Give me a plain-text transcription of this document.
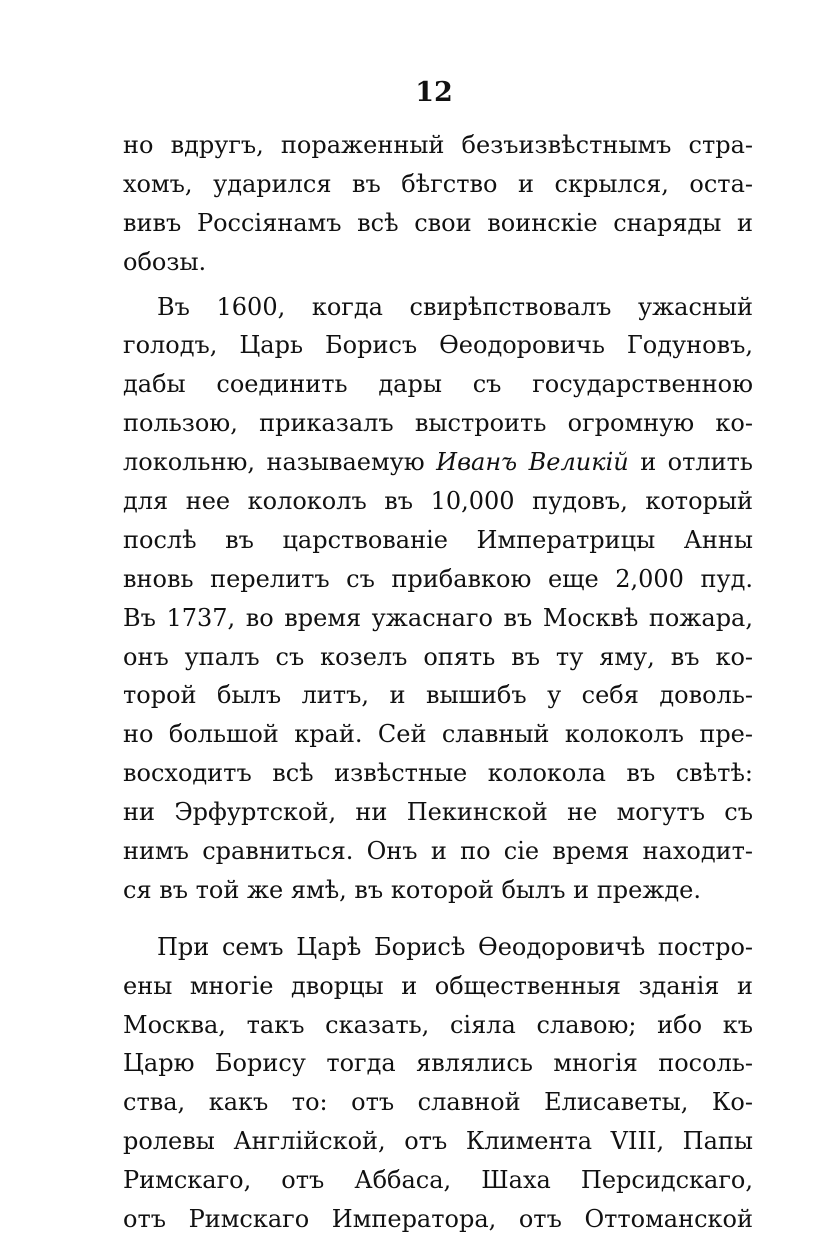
12
но вдругъ, пораженный безъизвѣстнымъ стра-
хомъ, ударился въ бѣгство и скрылся, оста-
вивъ Россіянамъ всѣ свои воинскіе снаряды и
обозы.
Въ 1600, когда свирѣпствовалъ ужасный
голодъ, Царь Борисъ Ѳеодоровичь Годуновъ,
дабы соединить дары съ государственною
пользою, приказалъ выстроить огромную ко-
локольню, называемую Иванъ Великій и отлить
для нее колоколъ въ 10,000 пудовъ, который
послѣ въ царствованіе Императрицы Анны
вновь перелитъ съ прибавкою еще 2,000 пуд.
Въ 1737, во время ужаснаго въ Москвѣ пожара,
онъ упалъ съ козелъ опять въ ту яму, въ ко-
торой былъ литъ, и вышибъ у себя доволь-
но большой край. Сей славный колоколъ пре-
восходитъ всѣ извѣстные колокола въ свѣтѣ:
ни Эрфуртской, ни Пекинской не могутъ съ
нимъ сравниться. Онъ и по сіе время находит-
ся въ той же ямѣ, въ которой былъ и прежде.
При семъ Царѣ Борисѣ Ѳеодоровичѣ постро-
ены многіе дворцы и общественныя зданія и
Москва, такъ сказать, сіяла славою; ибо къ
Царю Борису тогда являлись многія посоль-
ства, какъ то: отъ славной Елисаветы, Ко-
ролевы Англійской, отъ Климента VIII, Папы
Римскаго, отъ Аббаса, Шаха Персидскаго,
отъ Римскаго Императора, отъ Оттоманской
